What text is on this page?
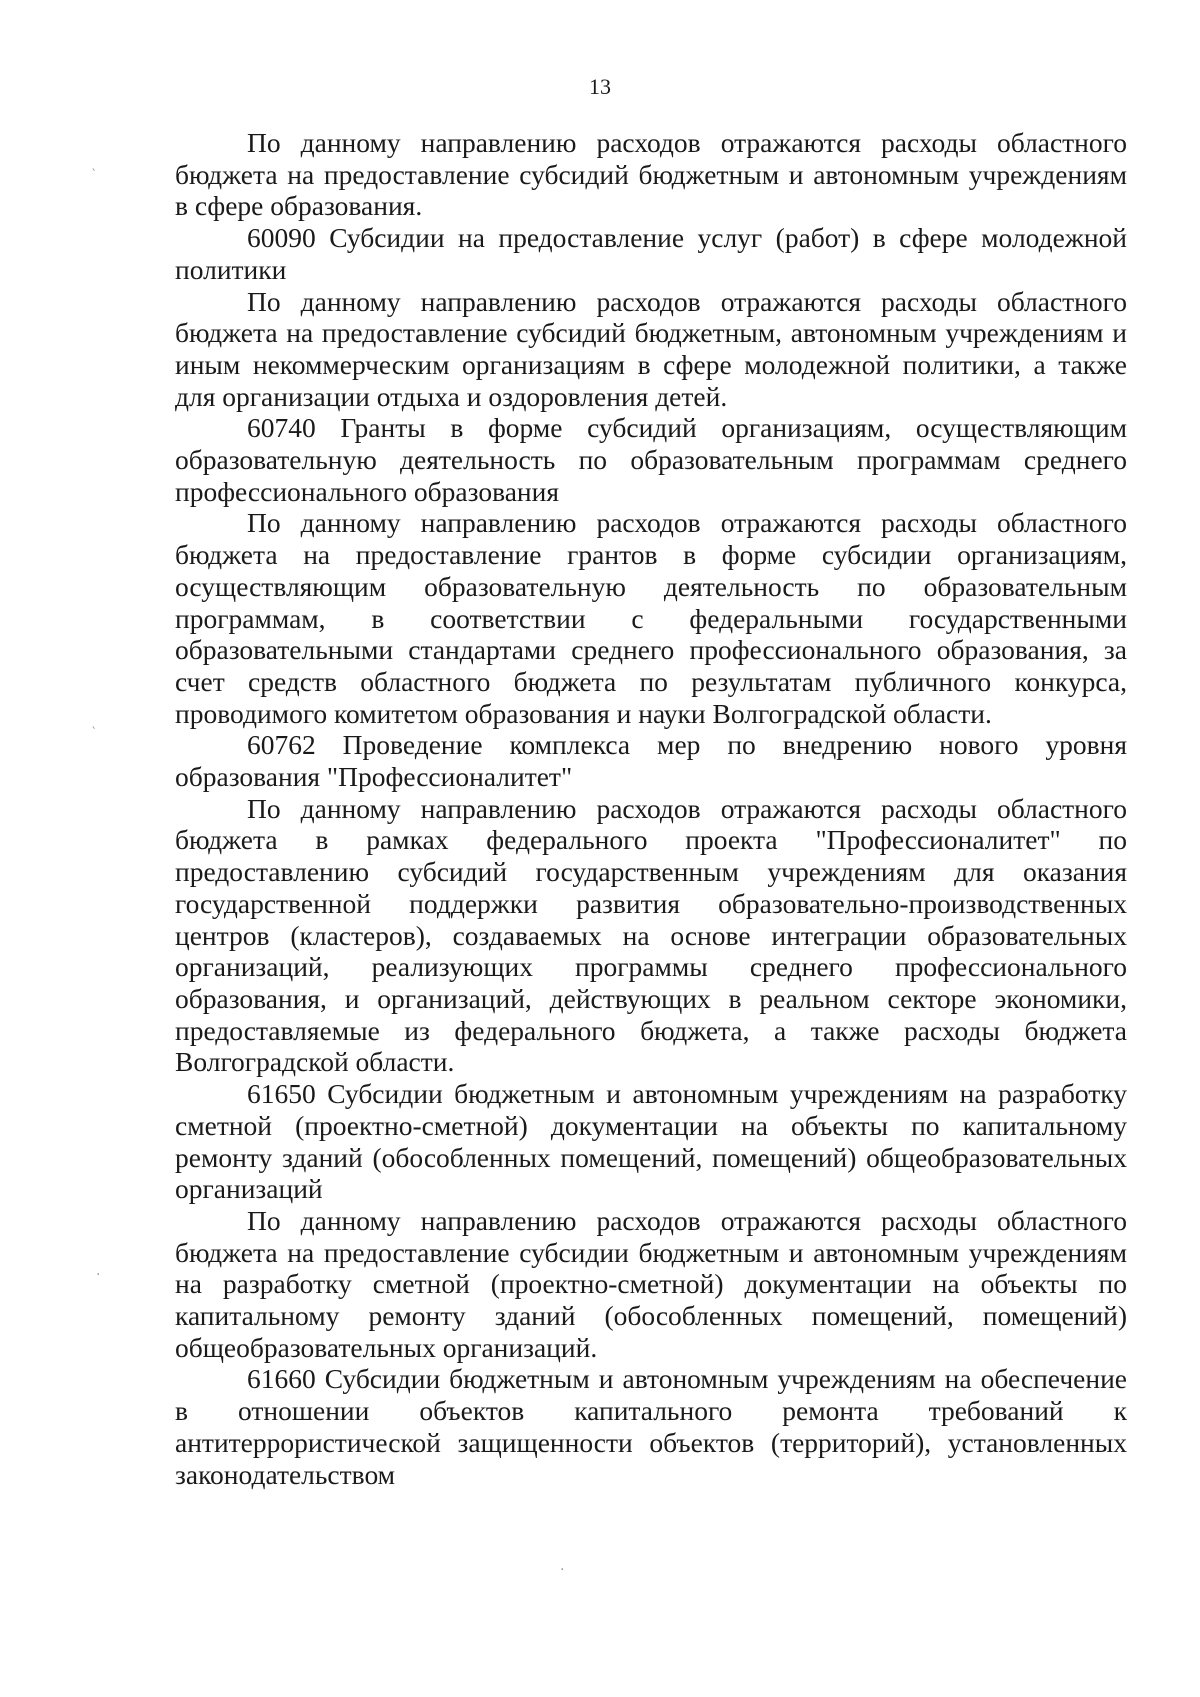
13

По данному направлению расходов отражаются расходы областного бюджета на предоставление субсидий бюджетным и автономным учреждениям в сфере образования.

60090 Субсидии на предоставление услуг (работ) в сфере молодежной политики

По данному направлению расходов отражаются расходы областного бюджета на предоставление субсидий бюджетным, автономным учреждениям и иным некоммерческим организациям в сфере молодежной политики, а также для организации отдыха и оздоровления детей.

60740 Гранты в форме субсидий организациям, осуществляющим образовательную деятельность по образовательным программам среднего профессионального образования

По данному направлению расходов отражаются расходы областного бюджета на предоставление грантов в форме субсидии организациям, осуществляющим образовательную деятельность по образовательным программам, в соответствии с федеральными государственными образовательными стандартами среднего профессионального образования, за счет средств областного бюджета по результатам публичного конкурса, проводимого комитетом образования и науки Волгоградской области.

60762 Проведение комплекса мер по внедрению нового уровня образования "Профессионалитет"

По данному направлению расходов отражаются расходы областного бюджета в рамках федерального проекта "Профессионалитет" по предоставлению субсидий государственным учреждениям для оказания государственной поддержки развития образовательно-производственных центров (кластеров), создаваемых на основе интеграции образовательных организаций, реализующих программы среднего профессионального образования, и организаций, действующих в реальном секторе экономики, предоставляемые из федерального бюджета, а также расходы бюджета Волгоградской области.

61650 Субсидии бюджетным и автономным учреждениям на разработку сметной (проектно-сметной) документации на объекты по капитальному ремонту зданий (обособленных помещений, помещений) общеобразовательных организаций

По данному направлению расходов отражаются расходы областного бюджета на предоставление субсидии бюджетным и автономным учреждениям на разработку сметной (проектно-сметной) документации на объекты по капитальному ремонту зданий (обособленных помещений, помещений) общеобразовательных организаций.

61660 Субсидии бюджетным и автономным учреждениям на обеспечение в отношении объектов капитального ремонта требований к антитеррористической защищенности объектов (территорий), установленных законодательством

‵
‵
·
·
